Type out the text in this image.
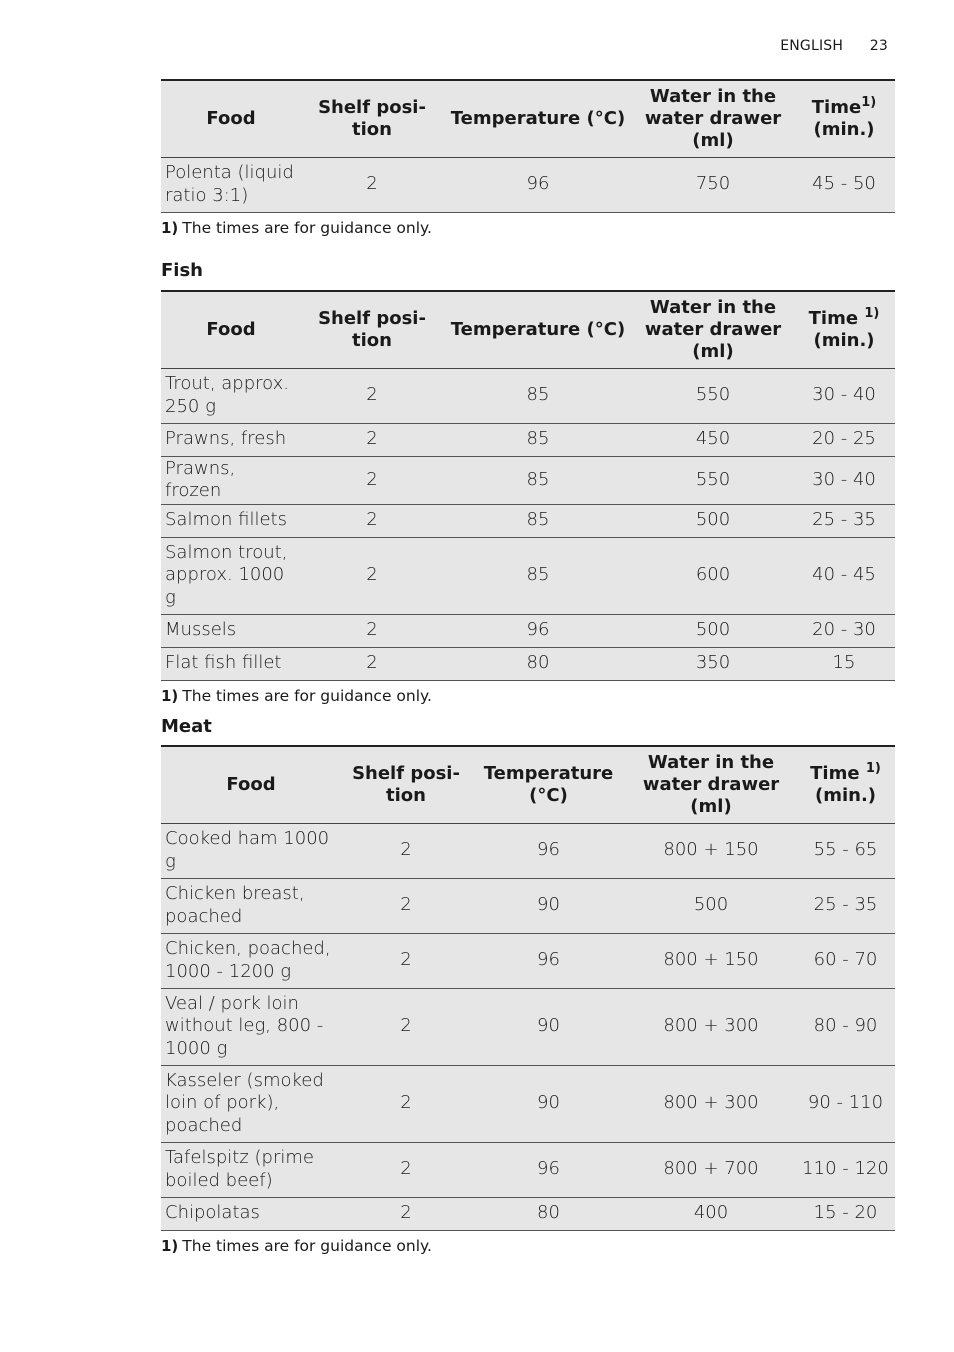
ENGLISH 23
Food	Shelf posi-tion	Temperature (°C)	Water in the water drawer (ml)	Time$^{1)}$
(min.)
Polenta (liquid ratio 3:1)	2	96	750	45 - 50
1) The times are for guidance only.

Fish

Food	Shelf posi-tion	Temperature (°C)	Water in the water drawer (ml)	Time $^{1)}$
(min.)
Trout, approx. 250 g	2	85	550	30 - 40
Prawns, fresh	2	85	450	20 - 25
Prawns, frozen	2	85	550	30 - 40
Salmon fillets	2	85	500	25 - 35
Salmon trout, approx. 1000 g	2	85	600	40 - 45
Mussels	2	96	500	20 - 30
Flat fish fillet	2	80	350	15
1) The times are for guidance only.

Meat

Food	Shelf posi-tion	Temperature (°C)	Water in the water drawer (ml)	Time $^{1)}$
(min.)
Cooked ham 1000 g	2	96	800 + 150	55 - 65
Chicken breast, poached	2	90	500	25 - 35
Chicken, poached, 1000 - 1200 g	2	96	800 + 150	60 - 70
Veal / pork loin without leg, 800 - 1000 g	2	90	800 + 300	80 - 90
Kasseler (smoked loin of pork), poached	2	90	800 + 300	90 - 110
Tafelspitz (prime boiled beef)	2	96	800 + 700	110 - 120
Chipolatas	2	80	400	15 - 20
1) The times are for guidance only.
